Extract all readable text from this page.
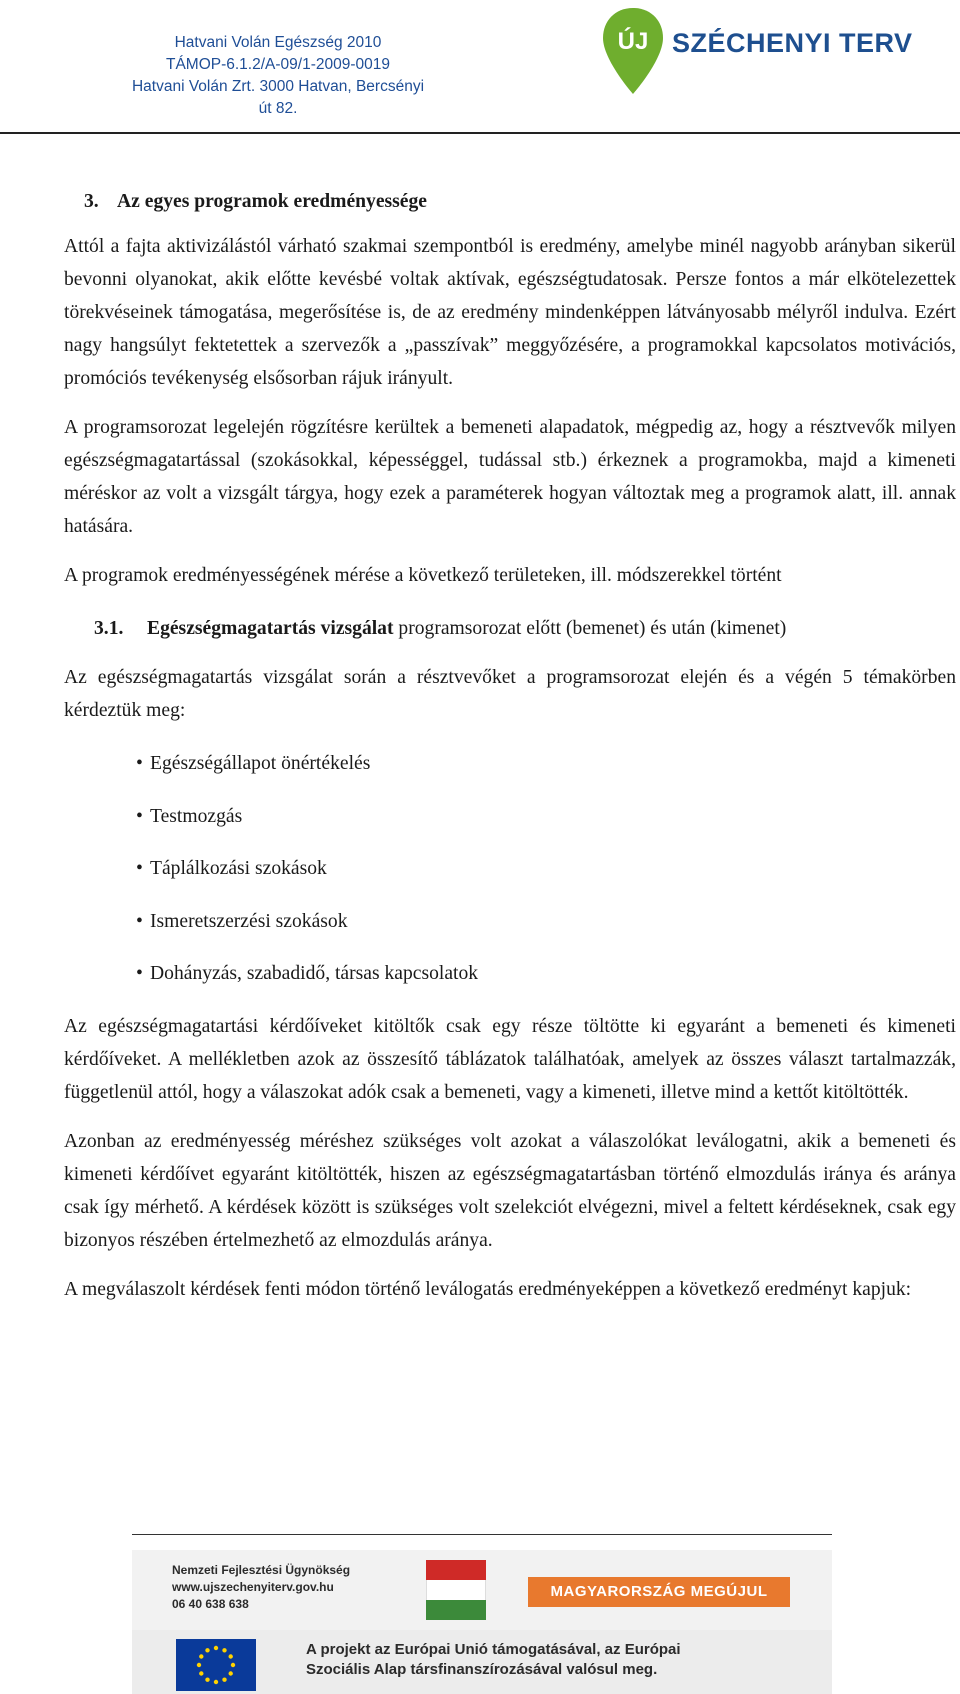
Hatvani Volán Egészség 2010
TÁMOP-6.1.2/A-09/1-2009-0019
Hatvani Volán Zrt. 3000 Hatvan, Bercsényi út 82.
ÚJ SZÉCHENYI TERV
3. Az egyes programok eredményessége

Attól a fajta aktivizálástól várható szakmai szempontból is eredmény, amelybe minél nagyobb arányban sikerül bevonni olyanokat, akik előtte kevésbé voltak aktívak, egészségtudatosak. Persze fontos a már elkötelezettek törekvéseinek támogatása, megerősítése is, de az eredmény mindenképpen látványosabb mélyről indulva. Ezért nagy hangsúlyt fektetettek a szervezők a „passzívak” meggyőzésére, a programokkal kapcsolatos motivációs, promóciós tevékenység elsősorban rájuk irányult.

A programsorozat legelején rögzítésre kerültek a bemeneti alapadatok, mégpedig az, hogy a résztvevők milyen egészségmagatartással (szokásokkal, képességgel, tudással stb.) érkeznek a programokba, majd a kimeneti méréskor az volt a vizsgált tárgya, hogy ezek a paraméterek hogyan változtak meg a programok alatt, ill. annak hatására.

A programok eredményességének mérése a következő területeken, ill. módszerekkel történt

3.1. Egészségmagatartás vizsgálat programsorozat előtt (bemenet) és után (kimenet)

Az egészségmagatartás vizsgálat során a résztvevőket a programsorozat elején és a végén 5 témakörben kérdeztük meg:

• Egészségállapot önértékelés
• Testmozgás
• Táplálkozási szokások
• Ismeretszerzési szokások
• Dohányzás, szabadidő, társas kapcsolatok

Az egészségmagatartási kérdőíveket kitöltők csak egy része töltötte ki egyaránt a bemeneti és kimeneti kérdőíveket. A mellékletben azok az összesítő táblázatok találhatóak, amelyek az összes választ tartalmazzák, függetlenül attól, hogy a válaszokat adók csak a bemeneti, vagy a kimeneti, illetve mind a kettőt kitöltötték.

Azonban az eredményesség méréshez szükséges volt azokat a válaszolókat leválogatni, akik a bemeneti és kimeneti kérdőívet egyaránt kitöltötték, hiszen az egészségmagatartásban történő elmozdulás iránya és aránya csak így mérhető. A kérdések között is szükséges volt szelekciót elvégezni, mivel a feltett kérdéseknek, csak egy bizonyos részében értelmezhető az elmozdulás aránya.

A megválaszolt kérdések fenti módon történő leválogatás eredményeképpen a következő eredményt kapjuk:

Nemzeti Fejlesztési Ügynökség
www.ujszechenyiterv.gov.hu
06 40 638 638
MAGYARORSZÁG MEGÚJUL
A projekt az Európai Unió támogatásával, az Európai
Szociális Alap társfinanszírozásával valósul meg.
